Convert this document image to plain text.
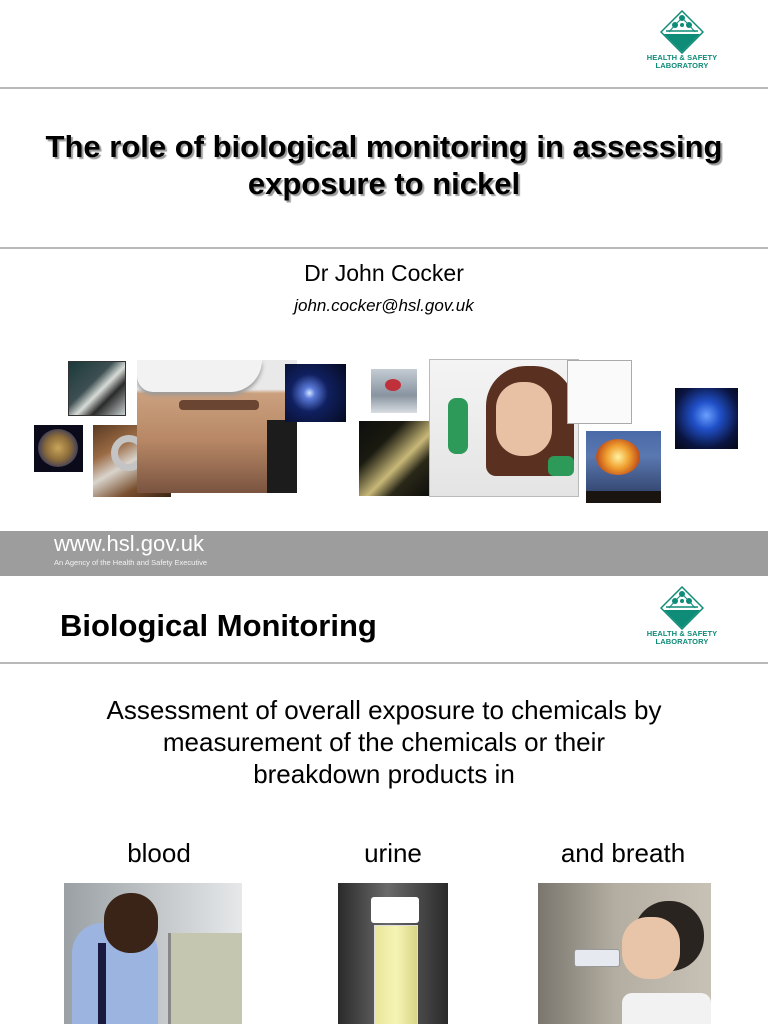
HEALTH & SAFETY
LABORATORY
The role of biological monitoring in assessing
exposure to nickel
Dr John Cocker
john.cocker@hsl.gov.uk
www.hsl.gov.uk
An Agency of the Health and Safety Executive
Biological Monitoring	HEALTH & SAFETY
LABORATORY
Assessment of overall exposure to chemicals by
measurement of the chemicals or their
breakdown products in
blood	urine	and breath
